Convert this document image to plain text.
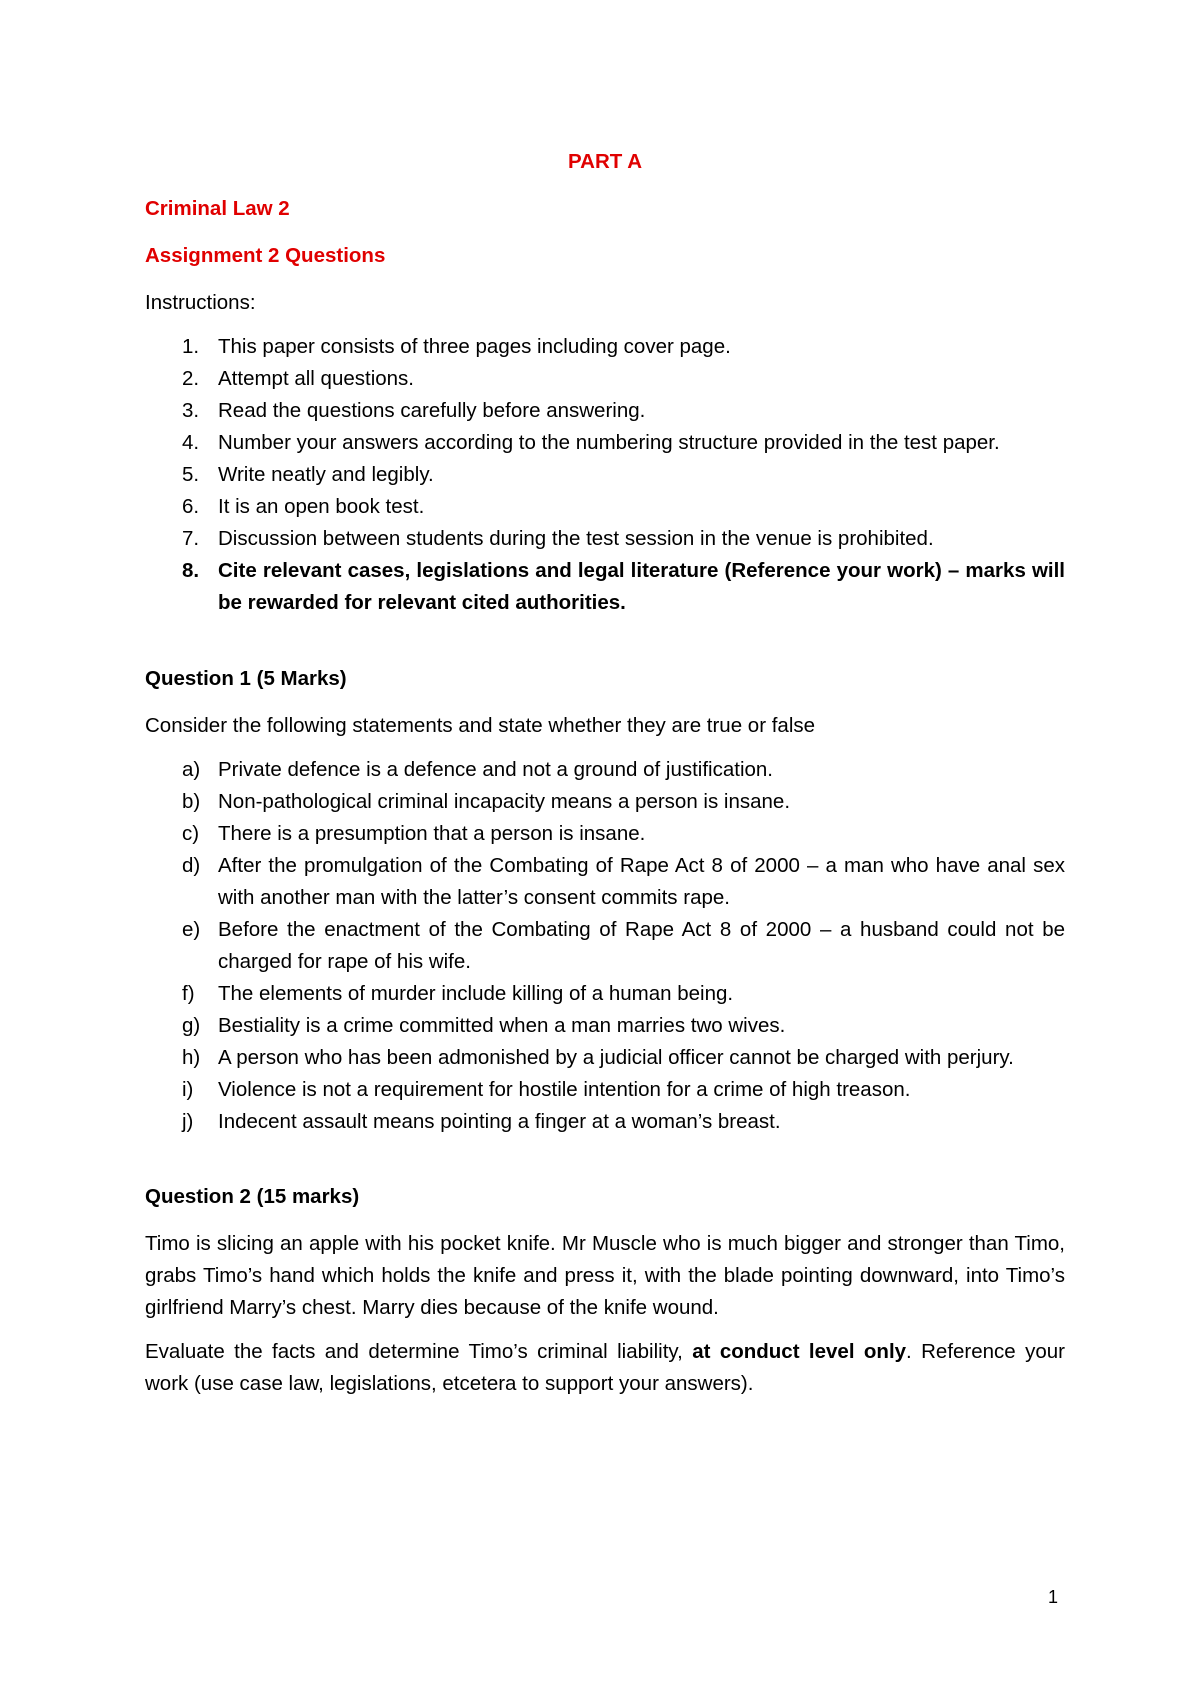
PART A
Criminal Law 2
Assignment 2 Questions
Instructions:
1. This paper consists of three pages including cover page.
2. Attempt all questions.
3. Read the questions carefully before answering.
4. Number your answers according to the numbering structure provided in the test paper.
5. Write neatly and legibly.
6. It is an open book test.
7. Discussion between students during the test session in the venue is prohibited.
8. Cite relevant cases, legislations and legal literature (Reference your work) – marks will be rewarded for relevant cited authorities.
Question 1 (5 Marks)
Consider the following statements and state whether they are true or false
a) Private defence is a defence and not a ground of justification.
b) Non-pathological criminal incapacity means a person is insane.
c) There is a presumption that a person is insane.
d) After the promulgation of the Combating of Rape Act 8 of 2000 – a man who have anal sex with another man with the latter’s consent commits rape.
e) Before the enactment of the Combating of Rape Act 8 of 2000 – a husband could not be charged for rape of his wife.
f) The elements of murder include killing of a human being.
g) Bestiality is a crime committed when a man marries two wives.
h) A person who has been admonished by a judicial officer cannot be charged with perjury.
i) Violence is not a requirement for hostile intention for a crime of high treason.
j) Indecent assault means pointing a finger at a woman’s breast.
Question 2 (15 marks)

Timo is slicing an apple with his pocket knife. Mr Muscle who is much bigger and stronger than Timo, grabs Timo’s hand which holds the knife and press it, with the blade pointing downward, into Timo’s girlfriend Marry’s chest. Marry dies because of the knife wound.

Evaluate the facts and determine Timo’s criminal liability, at conduct level only. Reference your work (use case law, legislations, etcetera to support your answers).

1
